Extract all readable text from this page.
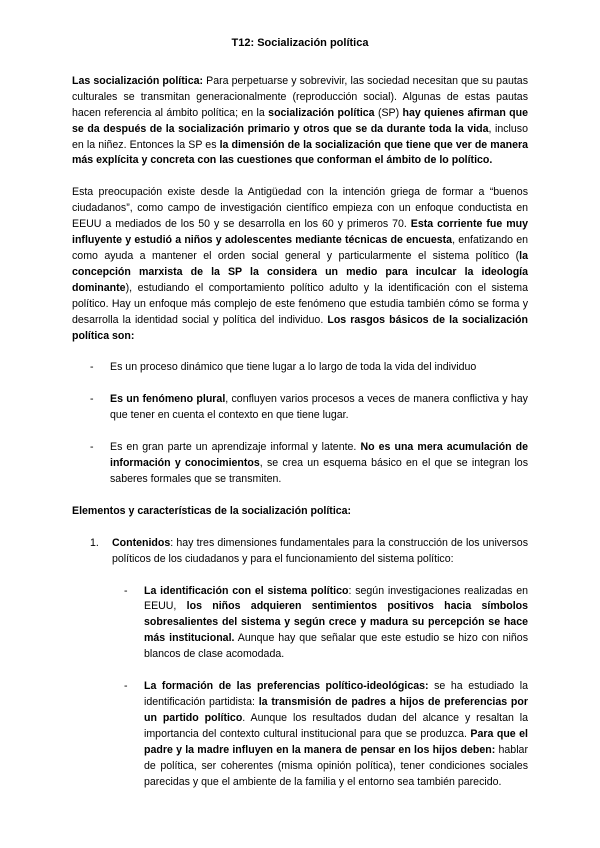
T12: Socialización política

Las socialización política: Para perpetuarse y sobrevivir, las sociedad necesitan que su pautas culturales se transmitan generacionalmente (reproducción social). Algunas de estas pautas hacen referencia al ámbito política; en la socialización política (SP) hay quienes afirman que se da después de la socialización primario y otros que se da durante toda la vida, incluso en la niñez. Entonces la SP es la dimensión de la socialización que tiene que ver de manera más explícita y concreta con las cuestiones que conforman el ámbito de lo político.

Esta preocupación existe desde la Antigüedad con la intención griega de formar a “buenos ciudadanos”, como campo de investigación científico empieza con un enfoque conductista en EEUU a mediados de los 50 y se desarrolla en los 60 y primeros 70. Esta corriente fue muy influyente y estudió a niños y adolescentes mediante técnicas de encuesta, enfatizando en como ayuda a mantener el orden social general y particularmente el sistema político (la concepción marxista de la SP la considera un medio para inculcar la ideología dominante), estudiando el comportamiento político adulto y la identificación con el sistema político. Hay un enfoque más complejo de este fenómeno que estudia también cómo se forma y desarrolla la identidad social y política del individuo. Los rasgos básicos de la socialización política son:

- Es un proceso dinámico que tiene lugar a lo largo de toda la vida del individuo
- Es un fenómeno plural, confluyen varios procesos a veces de manera conflictiva y hay que tener en cuenta el contexto en que tiene lugar.
- Es en gran parte un aprendizaje informal y latente. No es una mera acumulación de información y conocimientos, se crea un esquema básico en el que se integran los saberes formales que se transmiten.
Elementos y características de la socialización política:
1. Contenidos: hay tres dimensiones fundamentales para la construcción de los universos políticos de los ciudadanos y para el funcionamiento del sistema político:
- La identificación con el sistema político: según investigaciones realizadas en EEUU, los niños adquieren sentimientos positivos hacia símbolos sobresalientes del sistema y según crece y madura su percepción se hace más institucional. Aunque hay que señalar que este estudio se hizo con niños blancos de clase acomodada.
- La formación de las preferencias político-ideológicas: se ha estudiado la identificación partidista: la transmisión de padres a hijos de preferencias por un partido político. Aunque los resultados dudan del alcance y resaltan la importancia del contexto cultural institucional para que se produzca. Para que el padre y la madre influyen en la manera de pensar en los hijos deben: hablar de política, ser coherentes (misma opinión política), tener condiciones sociales parecidas y que el ambiente de la familia y el entorno sea también parecido.
